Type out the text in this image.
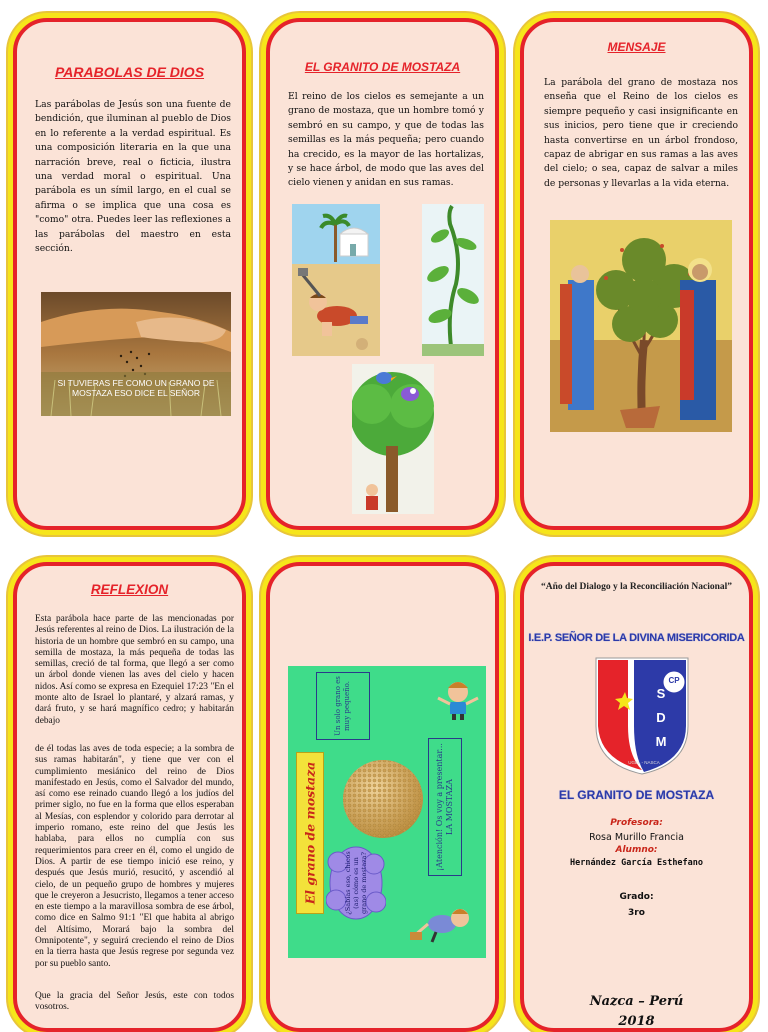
PARABOLAS DE DIOS
Las parábolas de Jesús son una fuente de bendición, que iluminan al pueblo de Dios en lo referente a la verdad espiritual. Es una composición literaria en la que una narración breve, real o ficticia, ilustra una verdad moral o espiritual. Una parábola es un símil largo, en el cual se afirma o se implica que una cosa es "como" otra. Puedes leer las reflexiones a las parábolas del maestro en esta sección.
SI TUVIERAS FE COMO UN GRANO DE MOSTAZA ESO DICE EL SEÑOR
EL GRANITO DE MOSTAZA
El reino de los cielos es semejante a un grano de mostaza, que un hombre tomó y sembró en su campo, y que de todas las semillas es la más pequeña; pero cuando ha crecido, es la mayor de las hortalizas, y se hace árbol, de modo que las aves del cielo vienen y anidan en sus ramas.
MENSAJE
La parábola del grano de mostaza nos enseña que el Reino de los cielos es siempre pequeño y casi insignificante en sus inicios, pero tiene que ir creciendo hasta convertirse en un árbol frondoso, capaz de abrigar en sus ramas a las aves del cielo; o sea, capaz de salvar a miles de personas y llevarlas a la vida eterna.
REFLEXION
Esta parábola hace parte de las mencionadas por Jesús referentes al reino de Dios. La ilustración de la historia de un hombre que sembró en su campo, una semilla de mostaza, la más pequeña de todas las semillas, creció de tal forma, que llegó a ser como un árbol donde vienen las aves del cielo y hacen nidos. Así como se expresa en Ezequiel 17:23 "En el monte alto de Israel lo plantaré, y alzará ramas, y dará fruto, y se hará magnífico cedro; y habitarán debajo
de él todas las aves de toda especie; a la sombra de sus ramas habitarán", y tiene que ver con el cumplimiento mesiánico del reino de Dios manifestado en Jesús, como el Salvador del mundo, así como ese reinado cuando llegó a los judíos del primer siglo, no fue en la forma que ellos esperaban al Mesías, con esplendor y colorido para derrotar al imperio romano, este reino del que Jesús les hablaba, para ellos no cumplía con sus requerimientos para creer en él, como el ungido de Dios. A partir de ese tiempo inició ese reino, y después que Jesús murió, resucitó, y ascendió al cielo, de un pequeño grupo de hombres y mujeres que le creyeron a Jesucristo, llegamos a tener acceso en este tiempo a la maravillosa sombra de ese árbol, como dice en Salmo 91:1 "El que habita al abrigo del Altísimo, Morará bajo la sombra del Omnipotente", y seguirá creciendo el reino de Dios en la tierra hasta que Jesús regrese por segunda vez por su pueblo santo.
Que la gracia del Señor Jesús, este con todos vosotros.
El grano de mostaza
Un solo grano es muy pequeño.
¡Atención! Os voy a presentar... LA MOSTAZA
¿Sabías eso, chicos (as) cómo es un grano de mostaza?
“Año del Dialogo y la Reconciliación Nacional”
I.E.P. SEÑOR DE LA DIVINA MISERICORIDA
CP
S
D
M
UGEL - NASCA
EL GRANITO DE MOSTAZA
Profesora:
Rosa Murillo Francia
Alumno:
Hernández García Esthefano
Grado:
3ro
Nazca – Perú
2018
